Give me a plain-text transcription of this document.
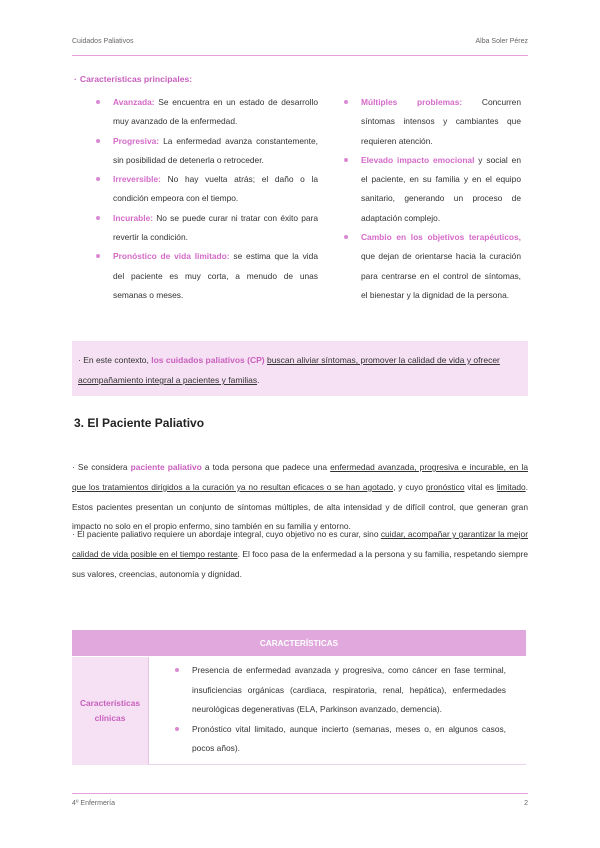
Cuidados Paliativos	Alba Soler Pérez
· Características principales:
Avanzada: Se encuentra en un estado de desarrollo muy avanzado de la enfermedad.
Progresiva: La enfermedad avanza constantemente, sin posibilidad de detenerla o retroceder.
Irreversible: No hay vuelta atrás; el daño o la condición empeora con el tiempo.
Incurable: No se puede curar ni tratar con éxito para revertir la condición.
Pronóstico de vida limitado: se estima que la vida del paciente es muy corta, a menudo de unas semanas o meses.
Múltiples problemas: Concurren síntomas intensos y cambiantes que requieren atención.
Elevado impacto emocional y social en el paciente, en su familia y en el equipo sanitario, generando un proceso de adaptación complejo.
Cambio en los objetivos terapéuticos, que dejan de orientarse hacia la curación para centrarse en el control de síntomas, el bienestar y la dignidad de la persona.
· En este contexto, los cuidados paliativos (CP) buscan aliviar síntomas, promover la calidad de vida y ofrecer acompañamiento integral a pacientes y familias.
3. El Paciente Paliativo
· Se considera paciente paliativo a toda persona que padece una enfermedad avanzada, progresiva e incurable, en la que los tratamientos dirigidos a la curación ya no resultan eficaces o se han agotado, y cuyo pronóstico vital es limitado. Estos pacientes presentan un conjunto de síntomas múltiples, de alta intensidad y de difícil control, que generan gran impacto no solo en el propio enfermo, sino también en su familia y entorno.
· El paciente paliativo requiere un abordaje integral, cuyo objetivo no es curar, sino cuidar, acompañar y garantizar la mejor calidad de vida posible en el tiempo restante. El foco pasa de la enfermedad a la persona y su familia, respetando siempre sus valores, creencias, autonomía y dignidad.
CARACTERÍSTICAS
Características clínicas
Presencia de enfermedad avanzada y progresiva, como cáncer en fase terminal, insuficiencias orgánicas (cardiaca, respiratoria, renal, hepática), enfermedades neurológicas degenerativas (ELA, Parkinson avanzado, demencia).
Pronóstico vital limitado, aunque incierto (semanas, meses o, en algunos casos, pocos años).
4º Enfermería	2
